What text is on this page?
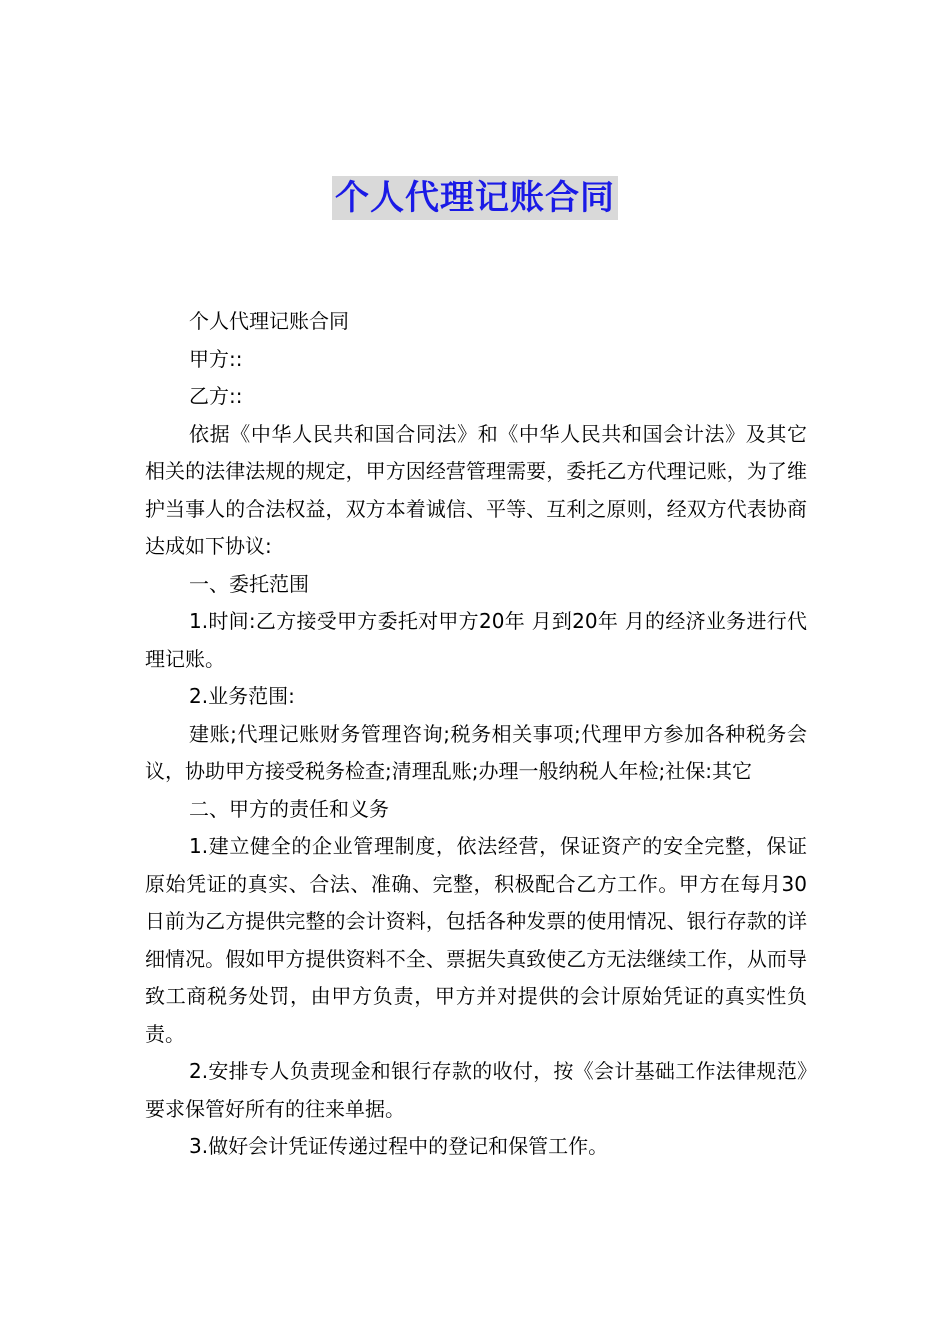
个人代理记账合同

个人代理记账合同

甲方::

乙方::

依据《中华人民共和国合同法》和《中华人民共和国会计法》及其它相关的法律法规的规定，甲方因经营管理需要，委托乙方代理记账，为了维护当事人的合法权益，双方本着诚信、平等、互利之原则，经双方代表协商达成如下协议:

一、委托范围

1.时间:乙方接受甲方委托对甲方20年 月到20年 月的经济业务进行代理记账。

2.业务范围:

建账;代理记账财务管理咨询;税务相关事项;代理甲方参加各种税务会议，协助甲方接受税务检查;清理乱账;办理一般纳税人年检;社保:其它

二、甲方的责任和义务

1.建立健全的企业管理制度，依法经营，保证资产的安全完整，保证原始凭证的真实、合法、准确、完整，积极配合乙方工作。甲方在每月30日前为乙方提供完整的会计资料，包括各种发票的使用情况、银行存款的详细情况。假如甲方提供资料不全、票据失真致使乙方无法继续工作，从而导致工商税务处罚，由甲方负责，甲方并对提供的会计原始凭证的真实性负责。

2.安排专人负责现金和银行存款的收付，按《会计基础工作法律规范》要求保管好所有的往来单据。

3.做好会计凭证传递过程中的登记和保管工作。
